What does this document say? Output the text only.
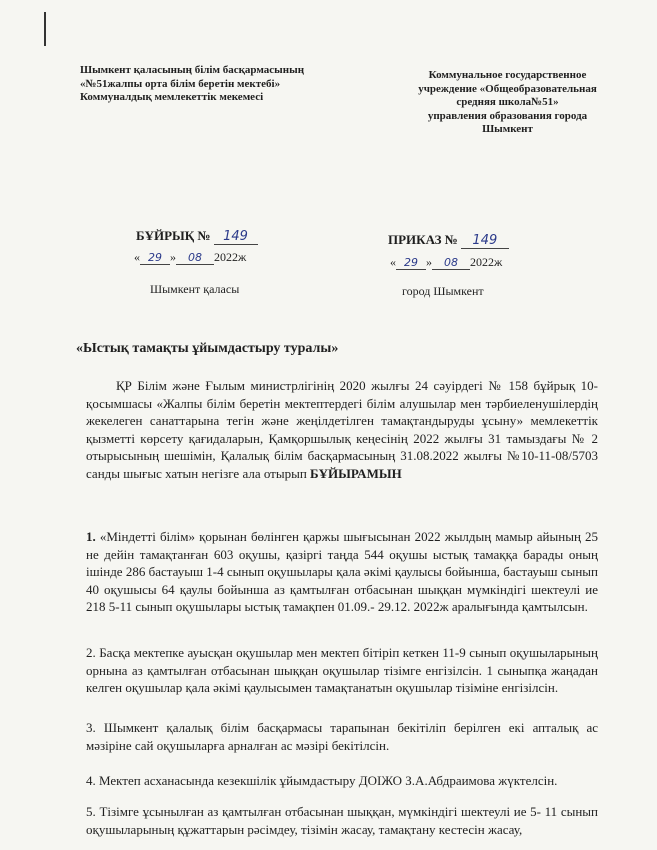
Шымкент қаласының білім басқармасының
«№51жалпы орта білім беретін мектебі»
Коммуналдық мемлекеттік мекемесі
Коммунальное государственное
учреждение «Общеобразовательная
средняя школа№51»
управления образования города
Шымкент
БҰЙРЫҚ № 149
« 29 » 08 2022ж
Шымкент қаласы
ПРИКАЗ № 149
« 29 » 08 2022ж
город Шымкент
«Ыстық тамақты ұйымдастыру туралы»
ҚР Білім және Ғылым министрлігінің 2020 жылғы 24 сәуірдегі № 158 бұйрық 10-қосымшасы «Жалпы білім беретін мектептердегі білім алушылар мен тәрбиеленушілердің жекелеген санаттарына тегін және жеңілдетілген тамақтандыруды ұсыну» мемлекеттік қызметті көрсету қағидаларын, Қамқоршылық кеңесінің 2022 жылғы 31 тамыздағы № 2 отырысының шешімін, Қалалық білім басқармасының 31.08.2022 жылғы №10-11-08/5703 санды шығыс хатын негізге ала отырып БҰЙЫРАМЫН
1. «Міндетті білім» қорынан бөлінген қаржы шығысынан 2022 жылдың мамыр айының 25 не дейін тамақтанған 603 оқушы, қазіргі таңда 544 оқушы ыстық тамаққа барады оның ішінде 286 бастауыш 1-4 сынып оқушылары қала әкімі қаулысы бойынша, бастауыш сынып 40 оқушысы 64 қаулы бойынша аз қамтылған отбасынан шыққан мүмкіндігі шектеулі ие 218 5-11 сынып оқушылары ыстық тамақпен 01.09.- 29.12. 2022ж аралығында қамтылсын.
2. Басқа мектепке ауысқан оқушылар мен мектеп бітіріп кеткен 11-9 сынып оқушыларының орнына аз қамтылған отбасынан шыққан оқушылар тізімге енгізілсін. 1 сыныпқа жаңадан келген оқушылар қала әкімі қаулысымен тамақтанатын оқушылар тізіміне енгізілсін.
3. Шымкент қалалық білім басқармасы тарапынан бекітіліп берілген екі апталық ас мәзіріне сай оқушыларға арналған ас мәзірі бекітілсін.
4. Мектеп асханасында кезекшілік ұйымдастыру ДОІЖО З.А.Абдраимова жүктелсін.
5. Тізімге ұсынылған аз қамтылған отбасынан шыққан, мүмкіндігі шектеулі ие 5- 11 сынып оқушыларының құжаттарын рәсімдеу, тізімін жасау, тамақтану кестесін жасау,
